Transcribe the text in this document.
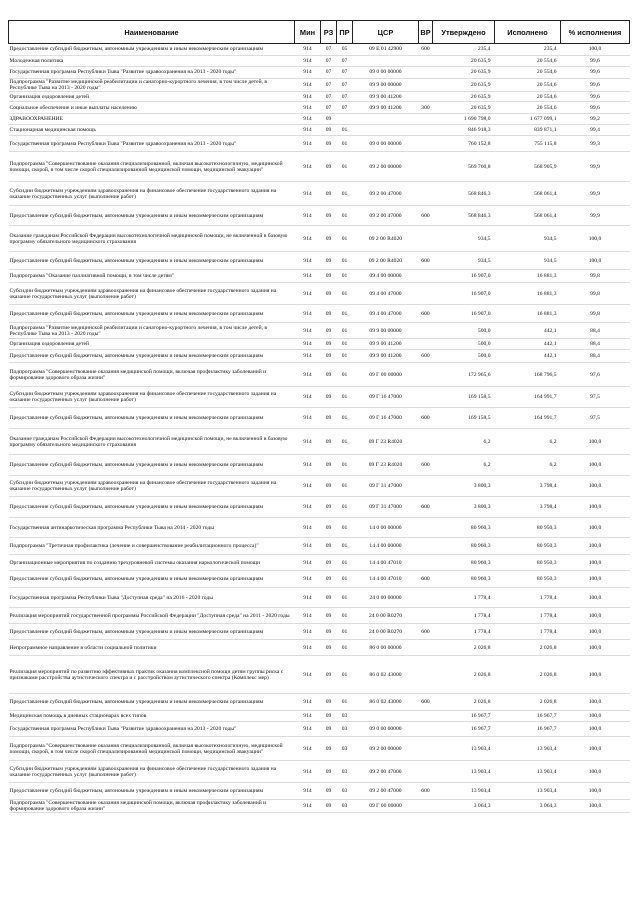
Наименование	Мин	РЗ	ПР	ЦСР	ВР	Утверждено	Исполнено	% исполнения
Предоставление субсидий бюджетным, автономным учреждениям и иным некоммерческим организациям	914	07	05	09 Е 01 42900	600	235,4	235,4	100,0
Молодежная политика	914	07	07			20 635,9	20 554,6	99,6
Государственная программа Республики Тыва "Развитие здравоохранения на 2013 - 2020 годы"	914	07	07	09 0 00 00000		20 635,9	20 554,6	99,6
Подпрограмма "Развитие медицинской реабилитации и санаторно-курортного лечения, в том числе детей, в Республике Тыва на 2013 - 2020 годы"	914	07	07	09 9 00 00000		20 635,9	20 554,6	99,6
Организация оздоровления детей	914	07	07	09 9 00 41200		20 635,9	20 554,6	99,6
Социальное обеспечение и иные выплаты населению	914	07	07	09 9 00 41200	300	20 635,9	20 554,6	99,6
ЗДРАВООХРАНЕНИЕ	914	09				1 690 798,0	1 677 099,1	99,2
Стационарная медицинская помощь	914	09	01			846 918,3	839 871,1	99,4
Государственная программа Республики Тыва "Развитие здравоохранения на 2013 - 2020 годы"	914	09	01	09 0 00 00000		760 152,8	755 115,8	99,3
Подпрограмма "Совершенствование оказания специализированной, включая высокотехнологичную, медицинской помощи, скорой, в том числе скорой специализированной медицинской помощи, медицинской эвакуации"	914	09	01	09 2 00 00000		569 760,8	568 905,9	99,9
Субсидии бюджетным учреждениям здравоохранения на финансовое обеспечение государственного задания на оказание государственных услуг (выполнение работ)	914	09	01	09 2 00 47000		568 846,3	568 061,4	99,9
Предоставление субсидий бюджетным, автономным учреждениям и иным некоммерческим организациям	914	09	01	09 2 00 47000	600	568 846,3	568 061,4	99,9
Оказание гражданам Российской Федерации высокотехнологичной медицинской помощи, не включенной в базовую программу обязательного медицинского страхования	914	09	01	09 2 00 R4020		934,5	934,5	100,0
Предоставление субсидий бюджетным, автономным учреждениям и иным некоммерческим организациям	914	09	01	09 2 00 R4020	600	934,5	934,5	100,0
Подпрограмма "Оказание паллиативной помощи, в том числе детям"	914	09	01	09 4 00 00000		16 907,0	16 881,3	99,8
Субсидии бюджетным учреждениям здравоохранения на финансовое обеспечение государственного задания на оказание государственных услуг (выполнение работ)	914	09	01	09 4 00 47000		16 907,0	16 881,3	99,8
Предоставление субсидий бюджетным, автономным учреждениям и иным некоммерческим организациям	914	09	01	09 4 00 47000	600	16 907,0	16 881,3	99,8
Подпрограмма "Развитие медицинской реабилитации и санаторно-курортного лечения, в том числе детей, в Республике Тыва на 2013 - 2020 годы"	914	09	01	09 9 00 00000		500,0	442,1	88,4
Организация оздоровления детей	914	09	01	09 9 00 41200		500,0	442,1	88,4
Предоставление субсидий бюджетным, автономным учреждениям и иным некоммерческим организациям	914	09	01	09 9 00 41200	600	500,0	442,1	88,4
Подпрограмма "Совершенствование оказания медицинской помощи, включая профилактику заболеваний и формирование здорового образа жизни"	914	09	01	09 Г 00 00000		172 965,6	168 796,5	97,6
Субсидии бюджетным учреждениям здравоохранения на финансовое обеспечение государственного задания на оказание государственных услуг (выполнение работ)	914	09	01	09 Г 16 47000		169 158,5	164 991,7	97,5
Предоставление субсидий бюджетным, автономным учреждениям и иным некоммерческим организациям	914	09	01	09 Г 16 47000	600	169 158,5	164 991,7	97,5
Оказание гражданам Российской Федерации высокотехнологичной медицинской помощи, не включенной в базовую программу обязательного медицинского страхования	914	09	01	09 Г 23 R4020		6,2	6,2	100,0
Предоставление субсидий бюджетным, автономным учреждениям и иным некоммерческим организациям	914	09	01	09 Г 23 R4020	600	6,2	6,2	100,0
Субсидии бюджетным учреждениям здравоохранения на финансовое обеспечение государственного задания на оказание государственных услуг (выполнение работ)	914	09	01	09 Г 31 47000		3 800,3	3 798,4	100,0
Предоставление субсидий бюджетным, автономным учреждениям и иным некоммерческим организациям	914	09	01	09 Г 31 47000	600	3 800,3	3 798,4	100,0
Государственная антинаркотическая программа Республики Тыва на 2014 - 2020 годы	914	09	01	14 0 00 00000		80 960,3	80 950,3	100,0
Подпрограмма "Третичная профилактика (лечение и совершенствование реабилитационного процесса)"	914	09	01	14 4 00 00000		80 960,3	80 950,3	100,0
Организационные мероприятия по созданию трехуровневой системы оказания наркологической помощи	914	09	01	14 4 00 47010		80 960,3	80 950,3	100,0
Предоставление субсидий бюджетным, автономным учреждениям и иным некоммерческим организациям	914	09	01	14 4 00 47010	600	80 960,3	80 950,3	100,0
Государственная программа Республики Тыва "Доступная среда" на 2016 - 2020 годы	914	09	01	24 0 00 00000		1 778,4	1 778,4	100,0
Реализация мероприятий государственной программы Российской Федерации "Доступная среда" на 2011 - 2020 годы	914	09	01	24 0 00 R0270		1 778,4	1 778,4	100,0
Предоставление субсидий бюджетным, автономным учреждениям и иным некоммерческим организациям	914	09	01	24 0 00 R0270	600	1 778,4	1 778,4	100,0
Непрограммное направление в области социальной политики	914	09	01	86 0 00 00000		2 026,8	2 026,8	100,0
Реализация мероприятий по развитию эффективных практик оказания комплексной помощи детям группы риска с признаками расстройства аутистического спектра и с расстройством аутистического спектра (Комплекс мер)	914	09	01	86 0 02 43000		2 026,8	2 026,8	100,0
Предоставление субсидий бюджетным, автономным учреждениям и иным некоммерческим организациям	914	09	01	86 0 02 43000	600	2 026,8	2 026,8	100,0
Медицинская помощь в дневных стационарах всех типов	914	09	03			16 967,7	16 967,7	100,0
Государственная программа Республики Тыва "Развитие здравоохранения на 2013 - 2020 годы"	914	09	03	09 0 00 00000		16 967,7	16 967,7	100,0
Подпрограмма "Совершенствование оказания специализированной, включая высокотехнологичную, медицинской помощи, скорой, в том числе скорой специализированной медицинской помощи, медицинской эвакуации"	914	09	03	09 2 00 00000		13 903,4	13 903,4	100,0
Субсидии бюджетным учреждениям здравоохранения на финансовое обеспечение государственного задания на оказание государственных услуг (выполнение работ)	914	09	03	09 2 00 47000		13 903,4	13 903,4	100,0
Предоставление субсидий бюджетным, автономным учреждениям и иным некоммерческим организациям	914	09	03	09 2 00 47000	600	13 903,4	13 903,4	100,0
Подпрограмма "Совершенствование оказания медицинской помощи, включая профилактику заболеваний и формирование здорового образа жизни"	914	09	03	09 Г 00 00000		3 064,3	3 064,3	100,0
